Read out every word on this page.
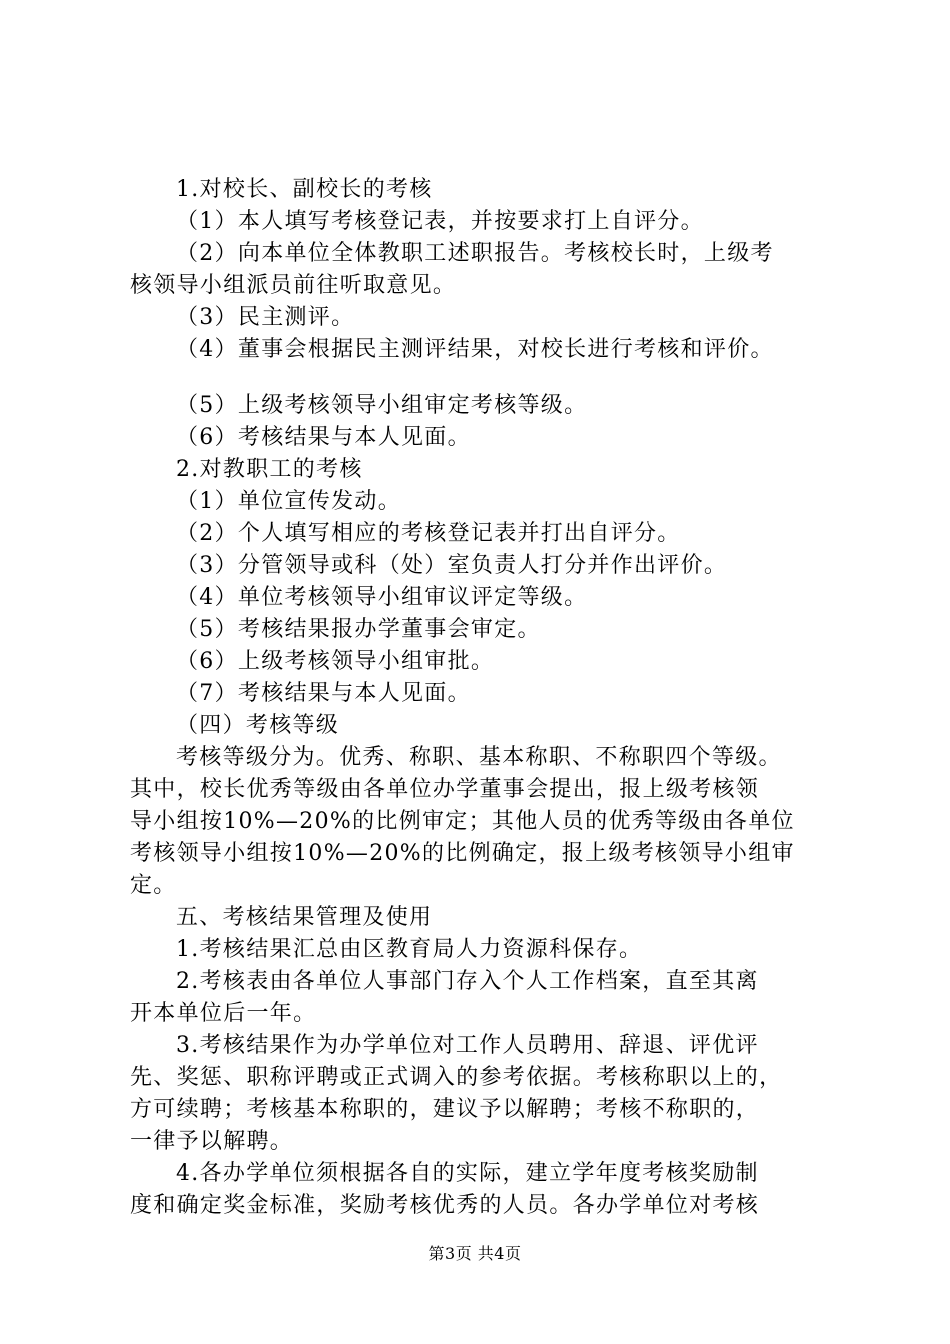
1.对校长、副校长的考核
（1）本人填写考核登记表，并按要求打上自评分。
（2）向本单位全体教职工述职报告。考核校长时，上级考
核领导小组派员前往听取意见。
（3）民主测评。
（4）董事会根据民主测评结果，对校长进行考核和评价。
（5）上级考核领导小组审定考核等级。
（6）考核结果与本人见面。
2.对教职工的考核
（1）单位宣传发动。
（2）个人填写相应的考核登记表并打出自评分。
（3）分管领导或科（处）室负责人打分并作出评价。
（4）单位考核领导小组审议评定等级。
（5）考核结果报办学董事会审定。
（6）上级考核领导小组审批。
（7）考核结果与本人见面。
（四）考核等级
考核等级分为。优秀、称职、基本称职、不称职四个等级。
其中，校长优秀等级由各单位办学董事会提出，报上级考核领
导小组按10%—20%的比例审定；其他人员的优秀等级由各单位
考核领导小组按10%—20%的比例确定，报上级考核领导小组审
定。
五、考核结果管理及使用
1.考核结果汇总由区教育局人力资源科保存。
2.考核表由各单位人事部门存入个人工作档案，直至其离
开本单位后一年。
3.考核结果作为办学单位对工作人员聘用、辞退、评优评
先、奖惩、职称评聘或正式调入的参考依据。考核称职以上的，
方可续聘；考核基本称职的，建议予以解聘；考核不称职的，
一律予以解聘。
4.各办学单位须根据各自的实际，建立学年度考核奖励制
度和确定奖金标准，奖励考核优秀的人员。各办学单位对考核
第3页 共4页
